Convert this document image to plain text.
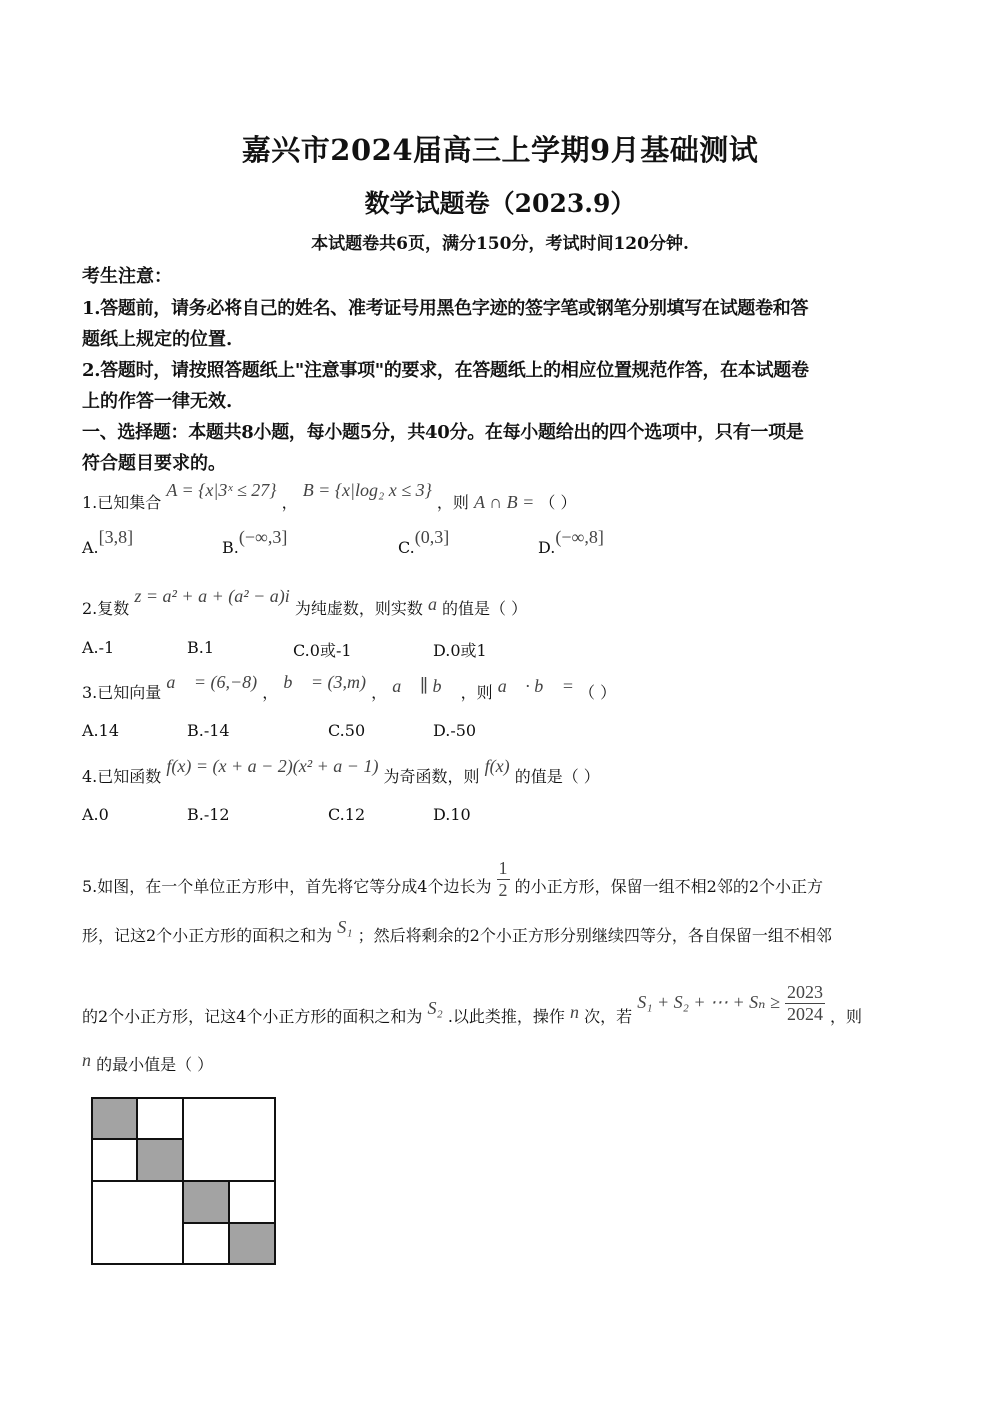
嘉兴市2024届高三上学期9月基础测试
数学试题卷（2023.9）
本试题卷共6页，满分150分，考试时间120分钟.
考生注意：
1.答题前，请务必将自己的姓名、准考证号用黑色字迹的签字笔或钢笔分别填写在试题卷和答
题纸上规定的位置.
2.答题时，请按照答题纸上"注意事项"的要求，在答题纸上的相应位置规范作答，在本试题卷
上的作答一律无效.
一、选择题：本题共8小题，每小题5分，共40分。在每小题给出的四个选项中，只有一项是
符合题目要求的。
1.已知集合 A = {x|3ˣ ≤ 27} ， B = {x|log₂ x ≤ 3} ，则 A ∩ B = （ ）
A.[3,8]
B.(−∞,3]
C.(0,3]
D.(−∞,8]
2.复数 z = a² + a + (a² − a)i 为纯虚数，则实数 a 的值是（ ）
A.-1	B.1	C.0或-1	D.0或1
3.已知向量 a⃗ = (6,−8) ， b⃗ = (3,m) ， a⃗ ∥ b⃗ ，则 a⃗ · b⃗ = （ ）
A.14	B.-14	C.50	D.-50
4.已知函数 f(x) = (x + a − 2)(x² + a − 1) 为奇函数，则 f(x) 的值是（ ）
A.0	B.-12	C.12	D.10
5.如图，在一个单位正方形中，首先将它等分成4个边长为 $\frac{1}{2}$ 的小正方形，保留一组不相2邻的2个小正方
形，记这2个小正方形的面积之和为 S₁ ；然后将剩余的2个小正方形分别继续四等分，各自保留一组不相邻
的2个小正方形，记这4个小正方形的面积之和为 S₂ .以此类推，操作 n 次，若 S₁ + S₂ + ⋯ + $S_n \ge \frac{2023}{2024}$ ，则
n 的最小值是（ ）
